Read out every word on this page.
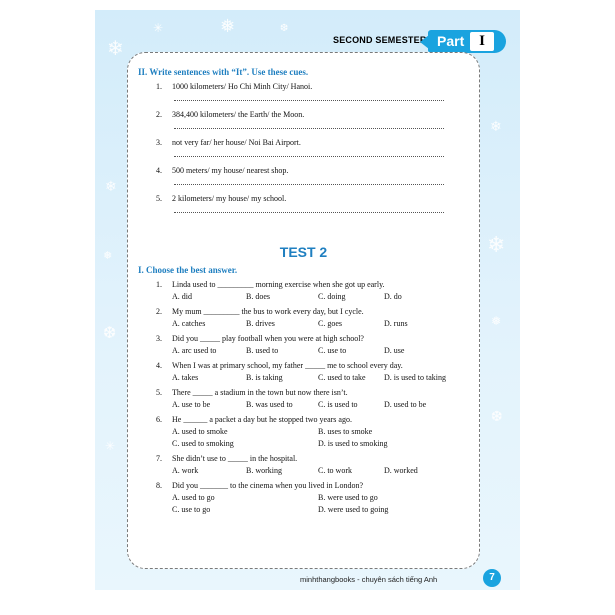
❄
✳	❅	❆
❄
❅
❆
❄
❄
❅
❆
✳
SECOND SEMESTER Part I
II. Write sentences with “It”. Use these cues.
1. 1000 kilometers/ Ho Chi Minh City/ Hanoi.
2. 384,400 kilometers/ the Earth/ the Moon.
3. not very far/ her house/ Noi Bai Airport.
4. 500 meters/ my house/ nearest shop.
5. 2 kilometers/ my house/ my school.
TEST 2
I. Choose the best answer.
1. Linda used to _________ morning exercise when she got up early.
A. did	B. does	C. doing	D. do
2. My mum _________ the bus to work every day, but I cycle.
A. catches	B. drives	C. goes	D. runs
3. Did you _____ play football when you were at high school?
A. arc used to	B. used to	C. use to	D. use
4. When I was at primary school, my father _____ me to school every day.
A. takes	B. is taking	C. used to take D. is used to taking
5. There _____ a stadium in the town but now there isn’t.
A. use to be	B. was used to	C. is used to	D. used to be
6. He ______ a packet a day but he stopped two years ago.
A. used to smoke	B. uses to smoke
C. used to smoking	D. is used to smoking
7. She didn’t use to _____ in the hospital.
A. work	B. working	C. to work	D. worked
8. Did you _______ to the cinema when you lived in London?
A. used to go	B. were used to go
C. use to go	D. were used to going
minhthangbooks - chuyên sách tiếng Anh	7
